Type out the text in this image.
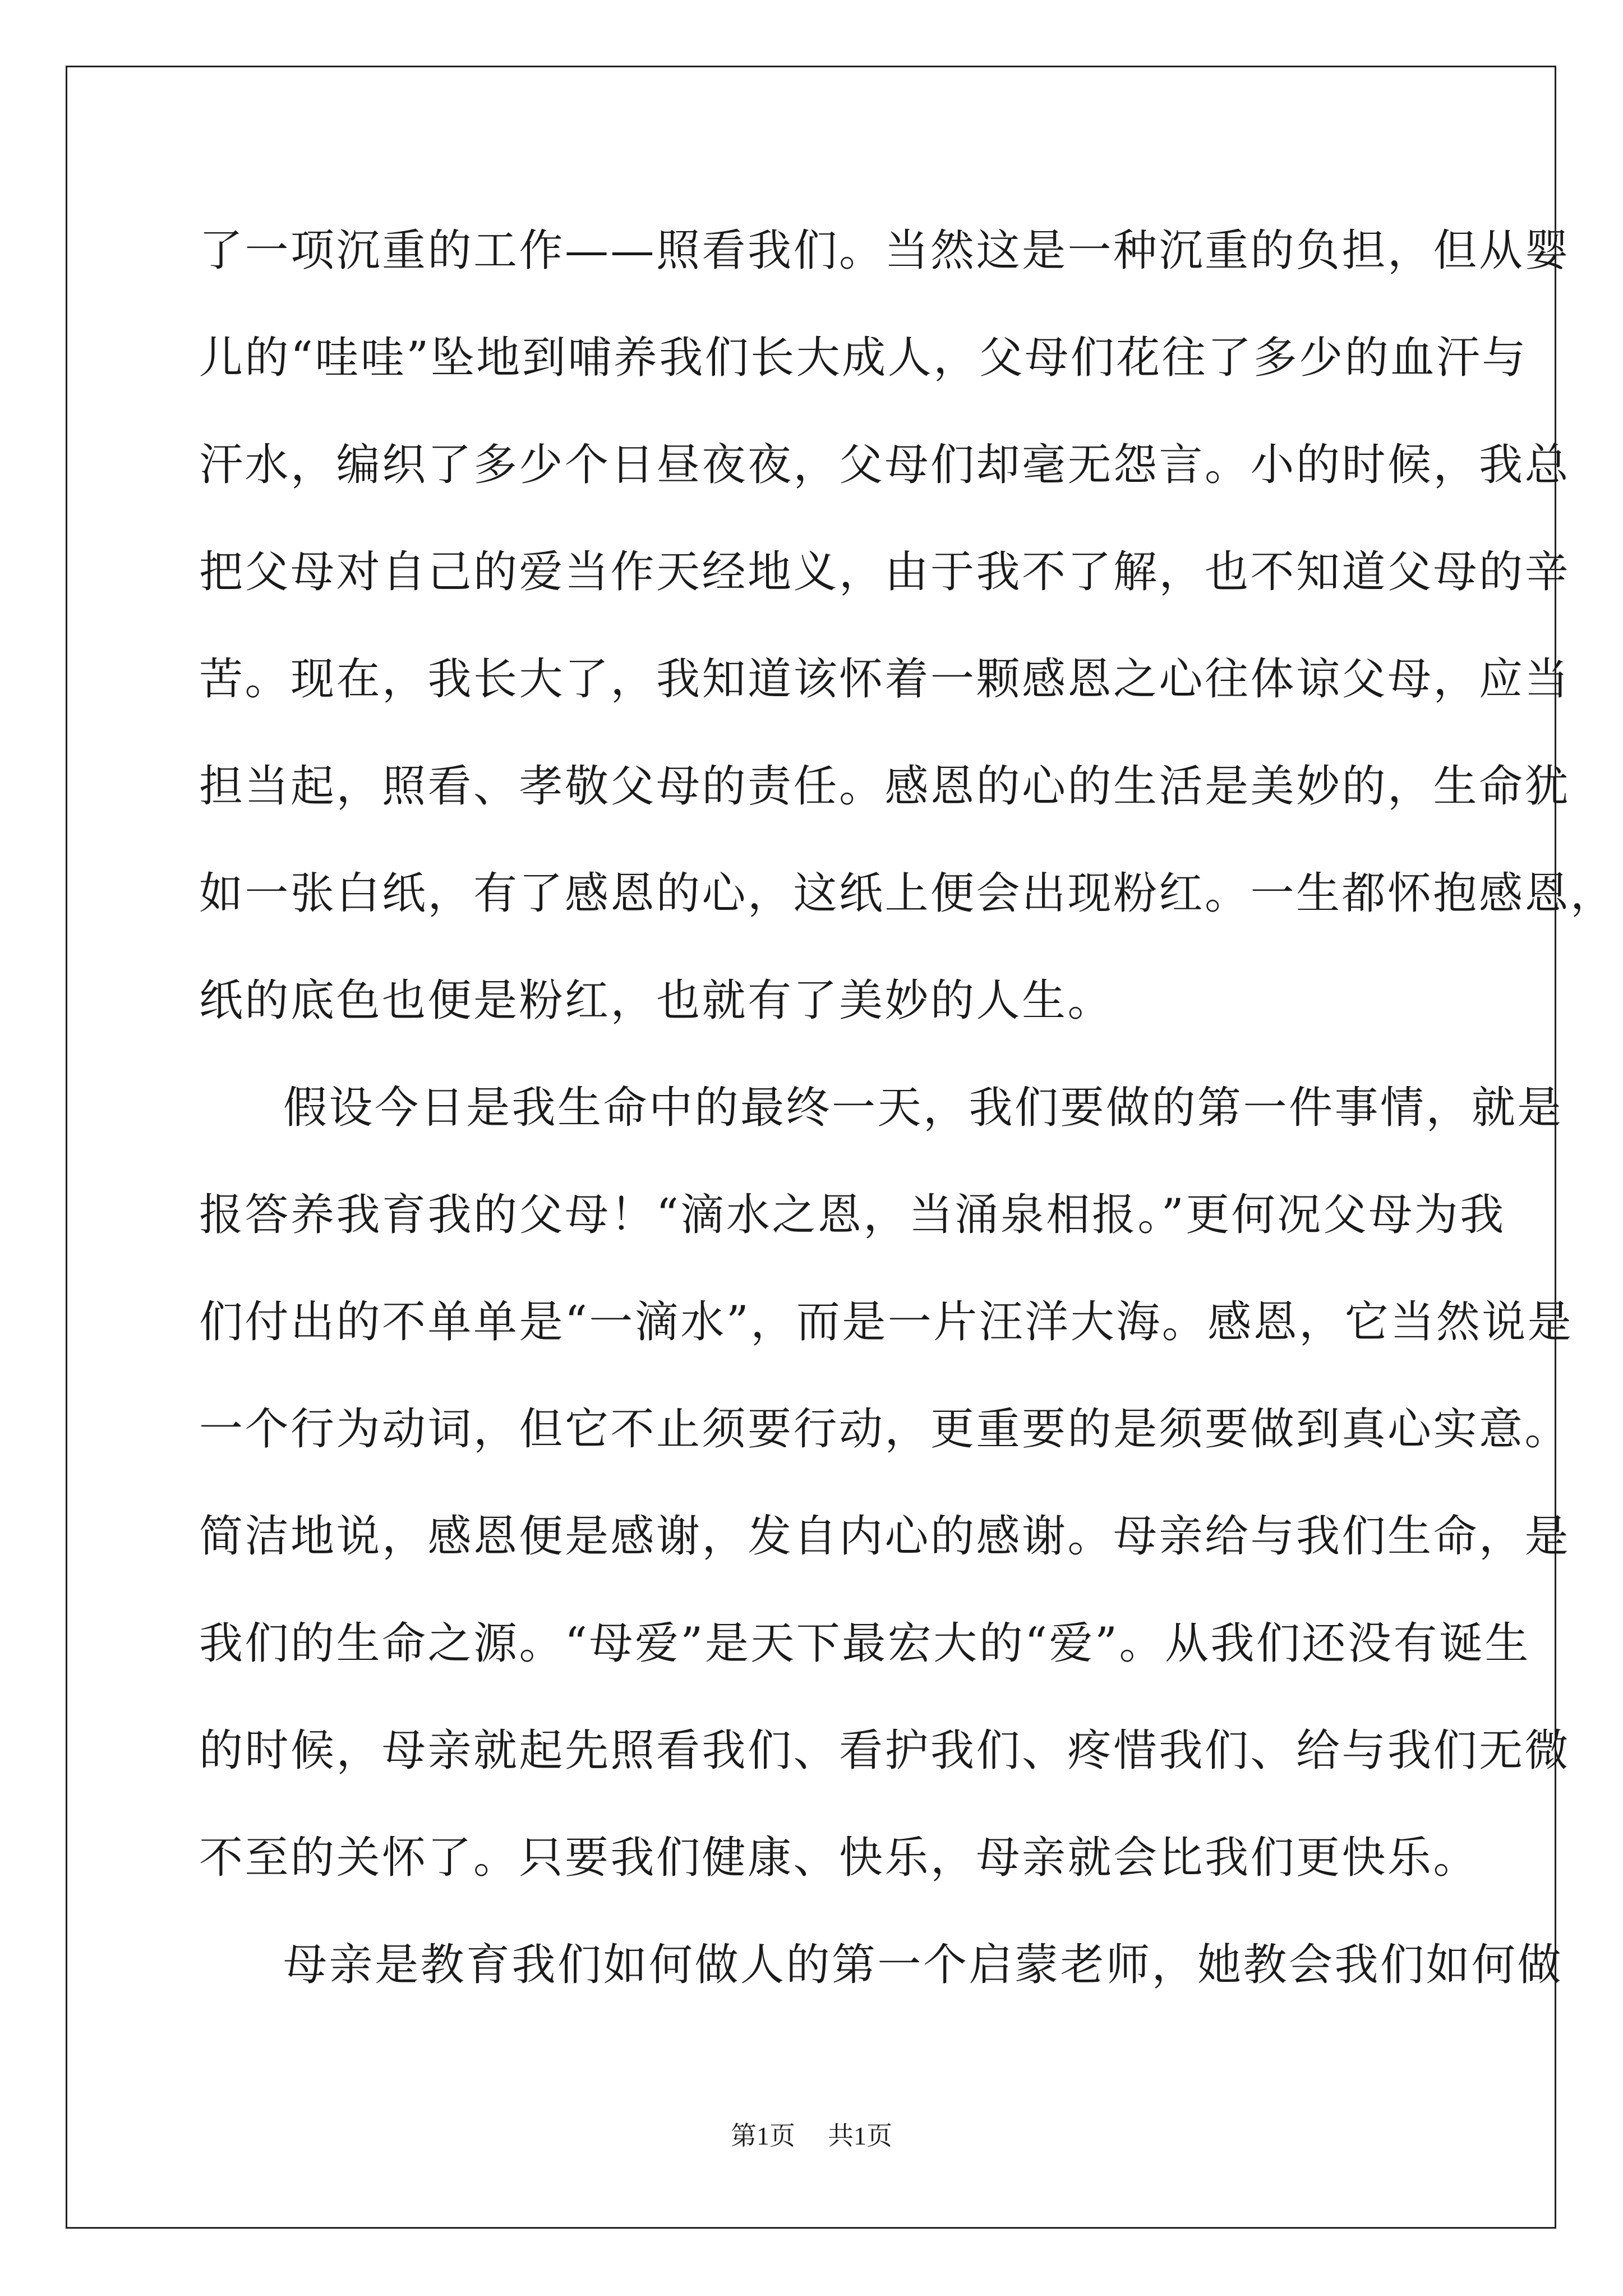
了一项沉重的工作——照看我们。当然这是一种沉重的负担，但从婴
儿的“哇哇”坠地到哺养我们长大成人，父母们花往了多少的血汗与
汗水，编织了多少个日昼夜夜，父母们却毫无怨言。小的时候，我总
把父母对自己的爱当作天经地义，由于我不了解，也不知道父母的辛
苦。现在，我长大了，我知道该怀着一颗感恩之心往体谅父母，应当
担当起，照看、孝敬父母的责任。感恩的心的生活是美妙的，生命犹
如一张白纸，有了感恩的心，这纸上便会出现粉红。一生都怀抱感恩，
纸的底色也便是粉红，也就有了美妙的人生。
假设今日是我生命中的最终一天，我们要做的第一件事情，就是
报答养我育我的父母！“滴水之恩，当涌泉相报。”更何况父母为我
们付出的不单单是“一滴水”，而是一片汪洋大海。感恩，它当然说是
一个行为动词，但它不止须要行动，更重要的是须要做到真心实意。
简洁地说，感恩便是感谢，发自内心的感谢。母亲给与我们生命，是
我们的生命之源。“母爱”是天下最宏大的“爱”。从我们还没有诞生
的时候，母亲就起先照看我们、看护我们、疼惜我们、给与我们无微
不至的关怀了。只要我们健康、快乐，母亲就会比我们更快乐。
母亲是教育我们如何做人的第一个启蒙老师，她教会我们如何做
第1页 共1页
